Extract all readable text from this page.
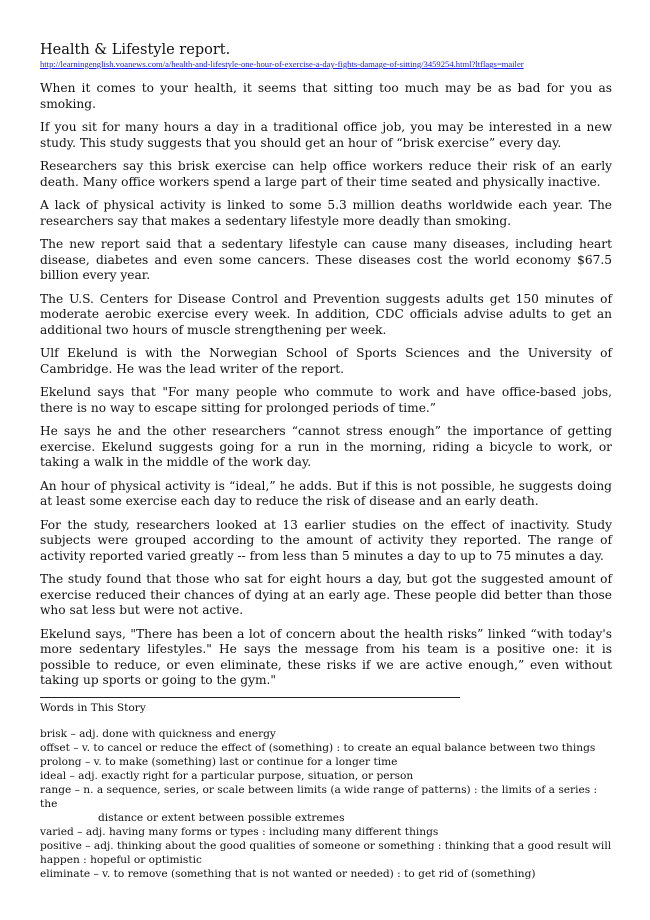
Health & Lifestyle report.
http://learningenglish.voanews.com/a/health-and-lifestyle-one-hour-of-exercise-a-day-fights-damage-of-sitting/3459254.html?ltflags=mailer

When it comes to your health, it seems that sitting too much may be as bad for you as smoking.

If you sit for many hours a day in a traditional office job, you may be interested in a new study. This study suggests that you should get an hour of “brisk exercise” every day.

Researchers say this brisk exercise can help office workers reduce their risk of an early death. Many office workers spend a large part of their time seated and physically inactive.

A lack of physical activity is linked to some 5.3 million deaths worldwide each year. The researchers say that makes a sedentary lifestyle more deadly than smoking.

The new report said that a sedentary lifestyle can cause many diseases, including heart disease, diabetes and even some cancers. These diseases cost the world economy $67.5 billion every year.

The U.S. Centers for Disease Control and Prevention suggests adults get 150 minutes of moderate aerobic exercise every week. In addition, CDC officials advise adults to get an additional two hours of muscle strengthening per week.

Ulf Ekelund is with the Norwegian School of Sports Sciences and the University of Cambridge. He was the lead writer of the report.

Ekelund says that "For many people who commute to work and have office-based jobs, there is no way to escape sitting for prolonged periods of time.”

He says he and the other researchers “cannot stress enough” the importance of getting exercise. Ekelund suggests going for a run in the morning, riding a bicycle to work, or taking a walk in the middle of the work day.

An hour of physical activity is “ideal,” he adds. But if this is not possible, he suggests doing at least some exercise each day to reduce the risk of disease and an early death.

For the study, researchers looked at 13 earlier studies on the effect of inactivity. Study subjects were grouped according to the amount of activity they reported. The range of activity reported varied greatly -- from less than 5 minutes a day to up to 75 minutes a day.

The study found that those who sat for eight hours a day, but got the suggested amount of exercise reduced their chances of dying at an early age. These people did better than those who sat less but were not active.

Ekelund says, "There has been a lot of concern about the health risks” linked “with today's more sedentary lifestyles." He says the message from his team is a positive one: it is possible to reduce, or even eliminate, these risks if we are active enough,” even without taking up sports or going to the gym."

Words in This Story

brisk – adj. done with quickness and energy

offset – v. to cancel or reduce the effect of (something) : to create an equal balance between two things

prolong – v. to make (something) last or continue for a longer time

ideal – adj. exactly right for a particular purpose, situation, or person

range – n. a sequence, series, or scale between limits (a wide range of patterns) : the limits of a series : the

distance or extent between possible extremes

varied – adj. having many forms or types : including many different things

positive – adj. thinking about the good qualities of someone or something : thinking that a good result will happen : hopeful or optimistic

eliminate – v. to remove (something that is not wanted or needed) : to get rid of (something)
